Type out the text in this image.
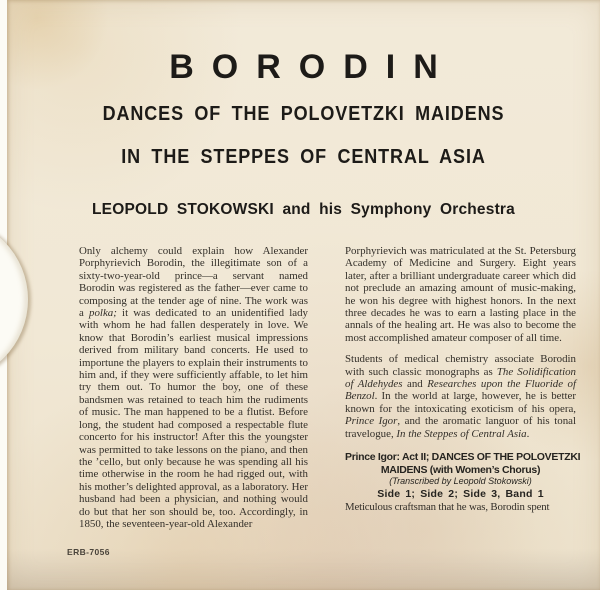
BORODIN
DANCES OF THE POLOVETZKI MAIDENS
IN THE STEPPES OF CENTRAL ASIA
LEOPOLD STOKOWSKI and his Symphony Orchestra

Only alchemy could explain how Alexander Porphyrievich Borodin, the illegitimate son of a sixty-two-year-old prince—a servant named Borodin was registered as the father—ever came to composing at the tender age of nine. The work was a polka; it was dedicated to an unidentified lady with whom he had fallen desperately in love. We know that Borodin’s earliest musical impressions derived from military band concerts. He used to importune the players to explain their instruments to him and, if they were sufficiently affable, to let him try them out. To humor the boy, one of these bandsmen was retained to teach him the rudiments of music. The man happened to be a flutist. Before long, the student had composed a respectable flute concerto for his instructor! After this the youngster was permitted to take lessons on the piano, and then the ’cello, but only because he was spending all his time otherwise in the room he had rigged out, with his mother’s delighted approval, as a laboratory. Her husband had been a physician, and nothing would do but that her son should be, too. Accordingly, in 1850, the seventeen-year-old Alexander

Porphyrievich was matriculated at the St. Petersburg Academy of Medicine and Surgery. Eight years later, after a brilliant undergraduate career which did not preclude an amazing amount of music-making, he won his degree with highest honors. In the next three decades he was to earn a lasting place in the annals of the healing art. He was also to become the most accomplished amateur composer of all time.

Students of medical chemistry associate Borodin with such classic monographs as The Solidification of Aldehydes and Researches upon the Fluoride of Benzol. In the world at large, however, he is better known for the intoxicating exoticism of his opera, Prince Igor, and the aromatic languor of his tonal travelogue, In the Steppes of Central Asia.

Prince Igor: Act II; DANCES OF THE POLOVETZKI
MAIDENS (with Women’s Chorus)
(Transcribed by Leopold Stokowski)
Side 1; Side 2; Side 3, Band 1

Meticulous craftsman that he was, Borodin spent

ERB-7056
